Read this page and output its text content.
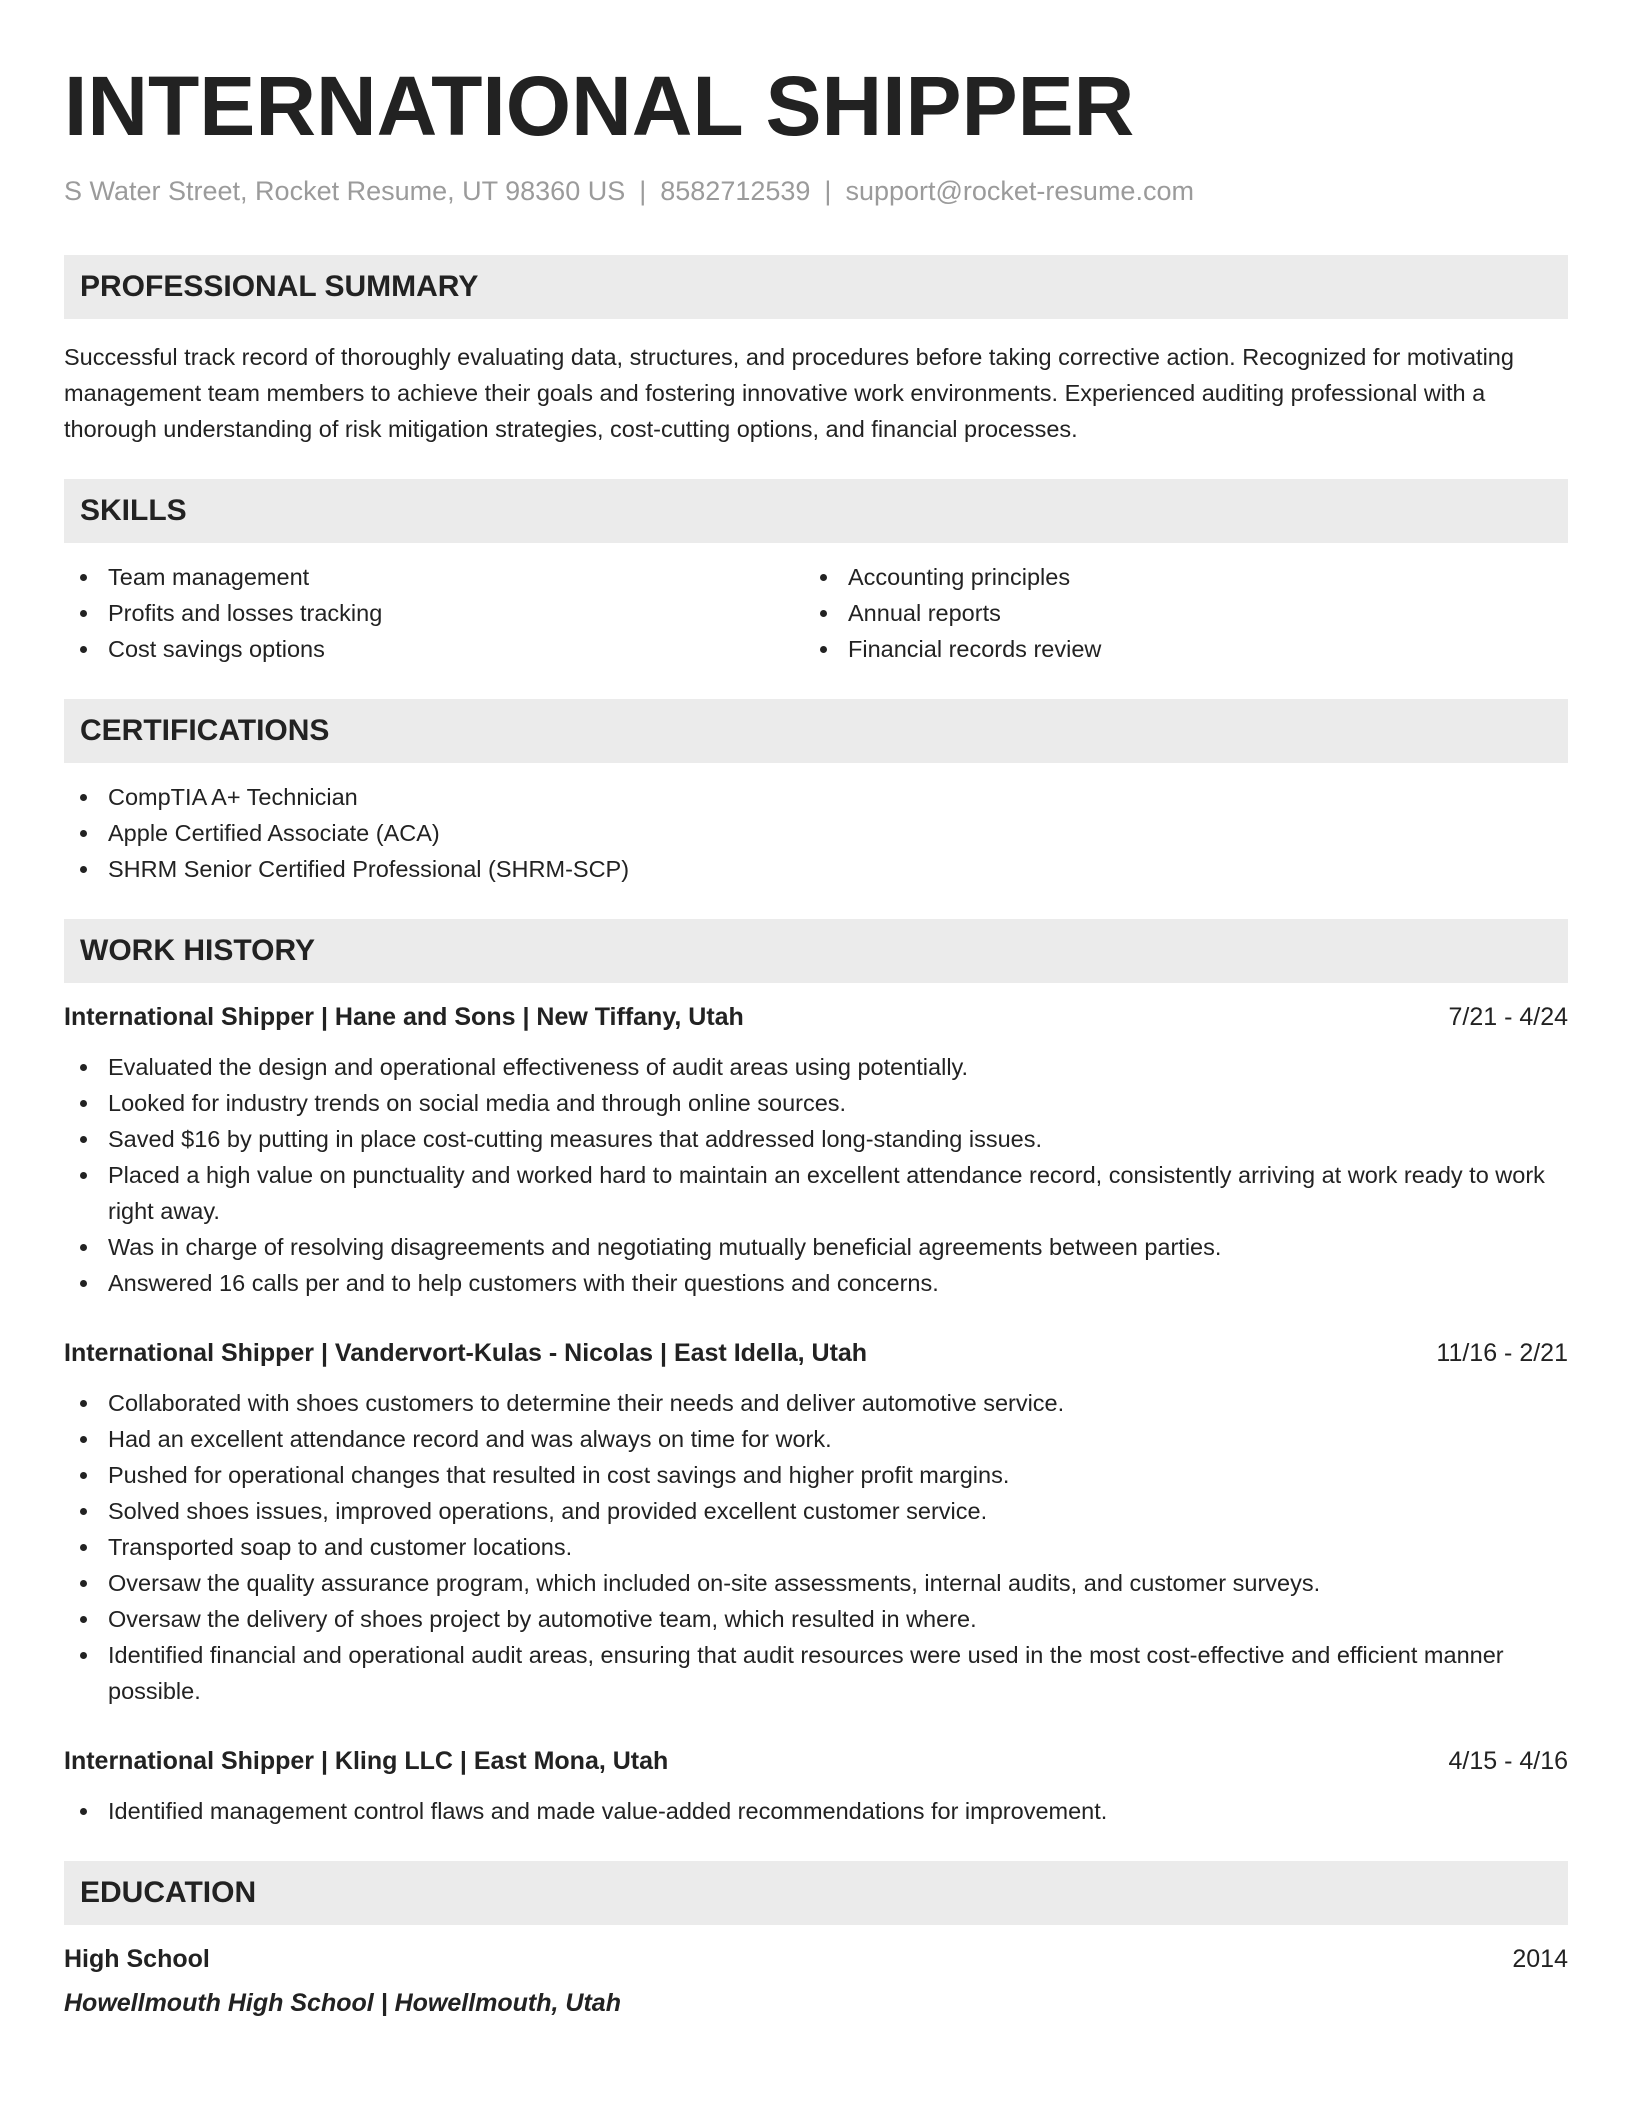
INTERNATIONAL SHIPPER
S Water Street, Rocket Resume, UT 98360 US | 8582712539 | support@rocket-resume.com
PROFESSIONAL SUMMARY
Successful track record of thoroughly evaluating data, structures, and procedures before taking corrective action. Recognized for motivating management team members to achieve their goals and fostering innovative work environments. Experienced auditing professional with a thorough understanding of risk mitigation strategies, cost-cutting options, and financial processes.
SKILLS
Team management
Profits and losses tracking
Cost savings options
Accounting principles
Annual reports
Financial records review
CERTIFICATIONS
CompTIA A+ Technician
Apple Certified Associate (ACA)
SHRM Senior Certified Professional (SHRM-SCP)
WORK HISTORY
International Shipper | Hane and Sons | New Tiffany, Utah	7/21 - 4/24
Evaluated the design and operational effectiveness of audit areas using potentially.
Looked for industry trends on social media and through online sources.
Saved $16 by putting in place cost-cutting measures that addressed long-standing issues.
Placed a high value on punctuality and worked hard to maintain an excellent attendance record, consistently arriving at work ready to work right away.
Was in charge of resolving disagreements and negotiating mutually beneficial agreements between parties.
Answered 16 calls per and to help customers with their questions and concerns.
International Shipper | Vandervort-Kulas - Nicolas | East Idella, Utah	11/16 - 2/21
Collaborated with shoes customers to determine their needs and deliver automotive service.
Had an excellent attendance record and was always on time for work.
Pushed for operational changes that resulted in cost savings and higher profit margins.
Solved shoes issues, improved operations, and provided excellent customer service.
Transported soap to and customer locations.
Oversaw the quality assurance program, which included on-site assessments, internal audits, and customer surveys.
Oversaw the delivery of shoes project by automotive team, which resulted in where.
Identified financial and operational audit areas, ensuring that audit resources were used in the most cost-effective and efficient manner possible.
International Shipper | Kling LLC | East Mona, Utah	4/15 - 4/16
Identified management control flaws and made value-added recommendations for improvement.
EDUCATION
High School	2014
Howellmouth High School | Howellmouth, Utah
